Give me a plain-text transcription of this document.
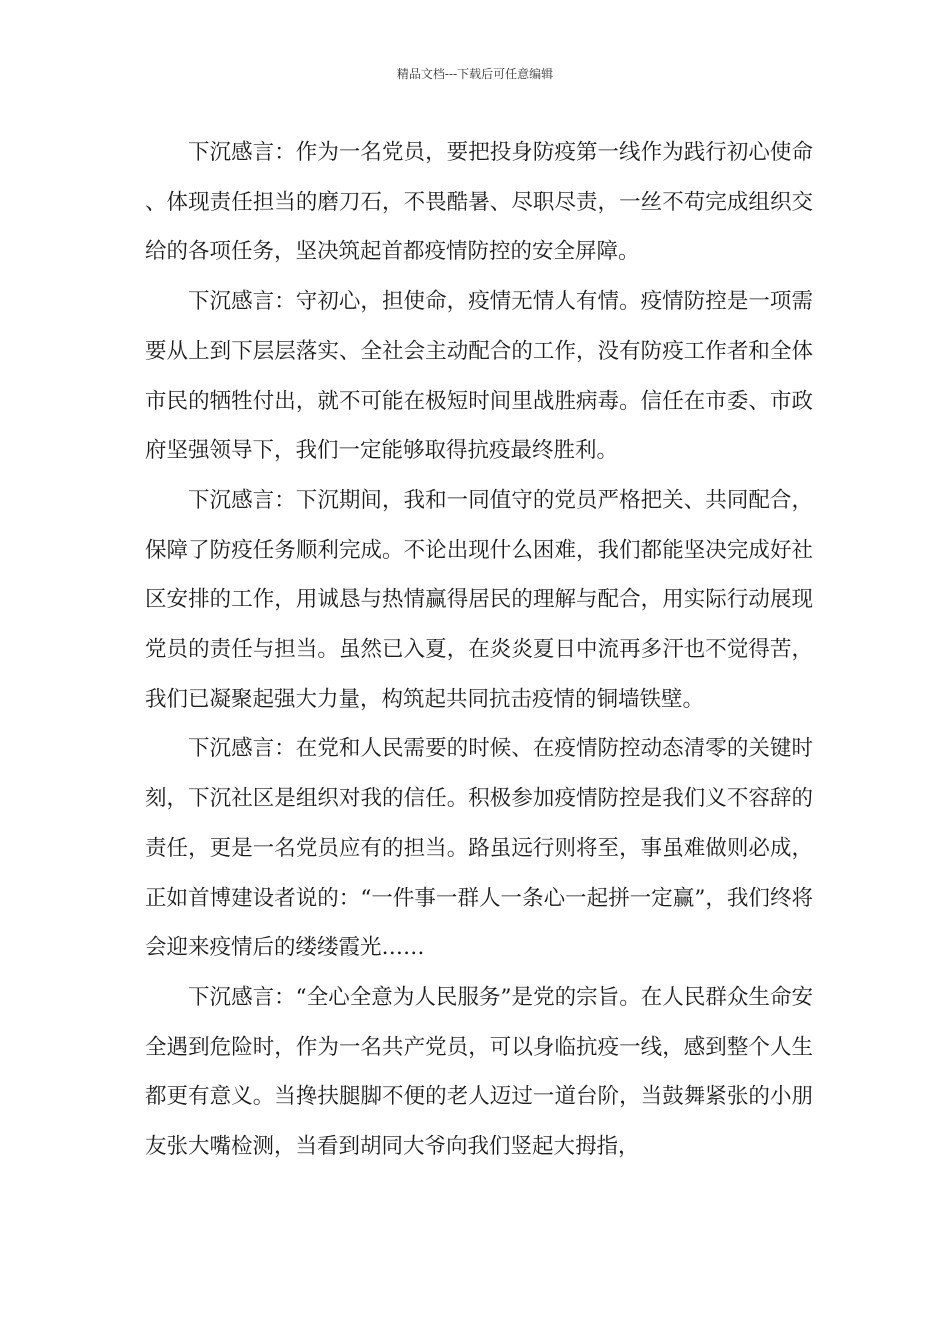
精品文档---下载后可任意编辑

下沉感言：作为一名党员，要把投身防疫第一线作为践行初心使命、体现责任担当的磨刀石，不畏酷暑、尽职尽责，一丝不苟完成组织交给的各项任务，坚决筑起首都疫情防控的安全屏障。

下沉感言：守初心，担使命，疫情无情人有情。疫情防控是一项需要从上到下层层落实、全社会主动配合的工作，没有防疫工作者和全体市民的牺牲付出，就不可能在极短时间里战胜病毒。信任在市委、市政府坚强领导下，我们一定能够取得抗疫最终胜利。

下沉感言：下沉期间，我和一同值守的党员严格把关、共同配合，保障了防疫任务顺利完成。不论出现什么困难，我们都能坚决完成好社区安排的工作，用诚恳与热情赢得居民的理解与配合，用实际行动展现党员的责任与担当。虽然已入夏，在炎炎夏日中流再多汗也不觉得苦，我们已凝聚起强大力量，构筑起共同抗击疫情的铜墙铁壁。

下沉感言：在党和人民需要的时候、在疫情防控动态清零的关键时刻，下沉社区是组织对我的信任。积极参加疫情防控是我们义不容辞的责任，更是一名党员应有的担当。路虽远行则将至，事虽难做则必成，正如首博建设者说的：“一件事一群人一条心一起拼一定赢”，我们终将会迎来疫情后的缕缕霞光……

下沉感言：“全心全意为人民服务”是党的宗旨。在人民群众生命安全遇到危险时，作为一名共产党员，可以身临抗疫一线，感到整个人生都更有意义。当搀扶腿脚不便的老人迈过一道台阶，当鼓舞紧张的小朋友张大嘴检测，当看到胡同大爷向我们竖起大拇指，
